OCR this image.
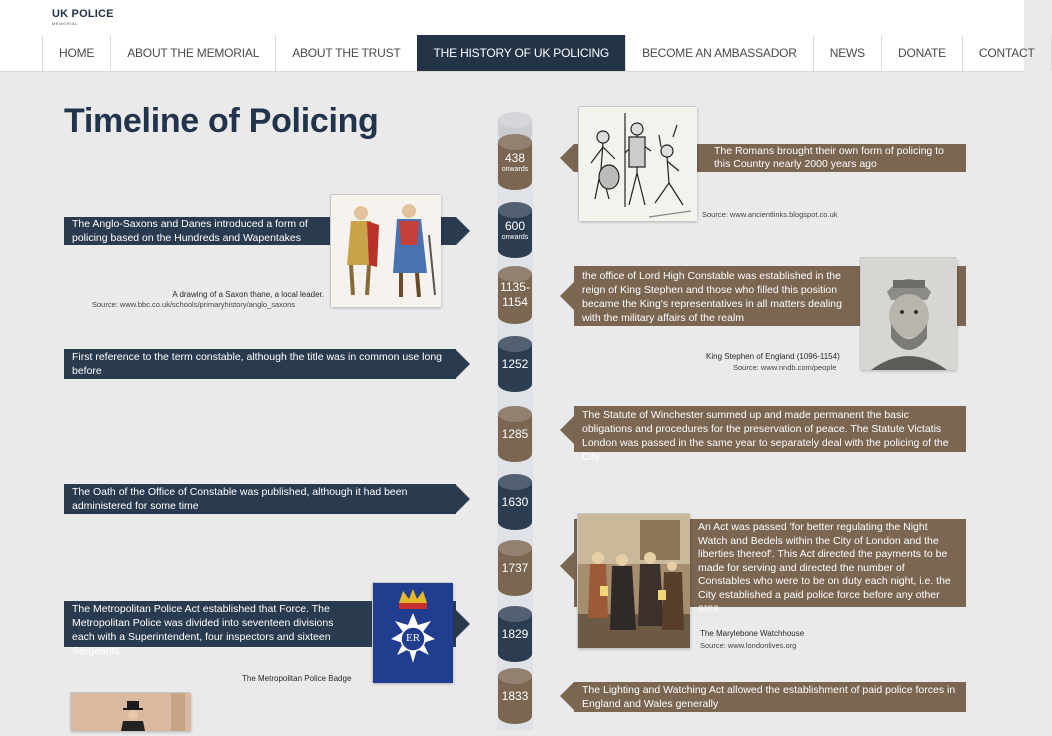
UK POLICE
MEMORIAL
HOME	ABOUT THE MEMORIAL	ABOUT THE TRUST	THE HISTORY OF UK POLICING	BECOME AN AMBASSADOR	NEWS	DONATE	CONTACT
Timeline of Policing
438
onwards
600
onwards
1135-
1154
1252
1285
1630
1737
1829
1833
The Romans brought their own form of policing to this Country nearly 2000 years ago
Source: www.ancientlinks.blogspot.co.uk
The Anglo-Saxons and Danes introduced a form of policing based on the Hundreds and Wapentakes
A drawing of a Saxon thane, a local leader.
Source: www.bbc.co.uk/schools/primaryhistory/anglo_saxons
the office of Lord High Constable was established in the reign of King Stephen and those who filled this position became the King's representatives in all matters dealing with the military affairs of the realm
King Stephen of England (1096-1154)
Source: www.nndb.com/people
First reference to the term constable, although the title was in common use long before
The Statute of Winchester summed up and made permanent the basic obligations and procedures for the preservation of peace. The Statute Victatis London was passed in the same year to separately deal with the policing of the City
The Oath of the Office of Constable was published, although it had been administered for some time
An Act was passed 'for better regulating the Night Watch and Bedels within the City of London and the liberties thereof'. This Act directed the payments to be made for serving and directed the number of Constables who were to be on duty each night, i.e. the City established a paid police force before any other area
The Marylebone Watchhouse
Source: www.londonlives.org
The Metropolitan Police Act established that Force. The Metropolitan Police was divided into seventeen divisions each with a Superintendent, four inspectors and sixteen Sergeants
ER
The Metropolitan Police Badge
The Lighting and Watching Act allowed the establishment of paid police forces in England and Wales generally
